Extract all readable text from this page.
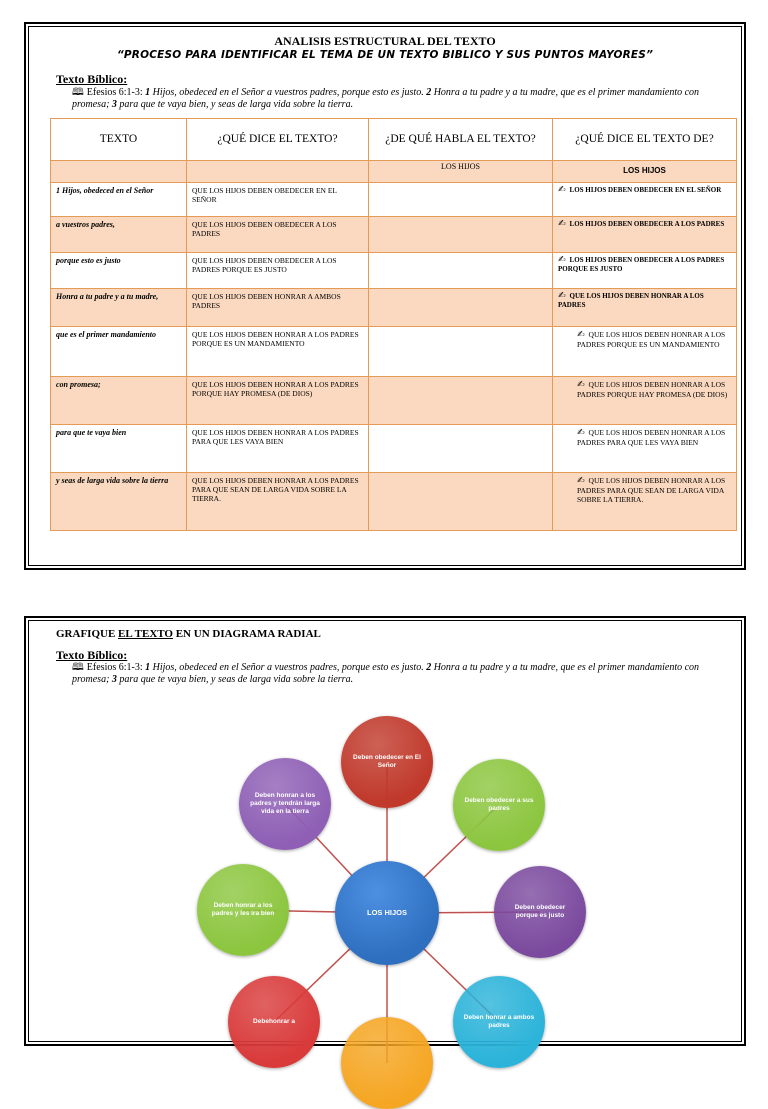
ANALISIS ESTRUCTURAL DEL TEXTO
“PROCESO PARA IDENTIFICAR EL TEMA DE UN TEXTO BIBLICO Y SUS PUNTOS MAYORES”
Texto Bíblico:
🕮 Efesios 6:1-3: 1 Hijos, obedeced en el Señor a vuestros padres, porque esto es justo. 2 Honra a tu padre y a tu madre, que es el primer mandamiento con promesa; 3 para que te vaya bien, y seas de larga vida sobre la tierra.
TEXTO	¿QUÉ DICE EL TEXTO?	¿DE QUÉ HABLA EL TEXTO?	¿QUÉ DICE EL TEXTO DE?
		LOS HIJOS	LOS HIJOS
1 Hijos, obedeced en el Señor	QUE LOS HIJOS DEBEN OBEDECER EN EL SEÑOR		✍ LOS HIJOS DEBEN OBEDECER EN EL SEÑOR
a vuestros padres,	QUE LOS HIJOS DEBEN OBEDECER A LOS PADRES		✍ LOS HIJOS DEBEN OBEDECER A LOS PADRES
porque esto es justo	QUE LOS HIJOS DEBEN OBEDECER A LOS PADRES PORQUE ES JUSTO		✍ LOS HIJOS DEBEN OBEDECER A LOS PADRES PORQUE ES JUSTO
Honra a tu padre y a tu madre,	QUE LOS HIJOS DEBEN HONRAR A AMBOS PADRES		✍ QUE LOS HIJOS DEBEN HONRAR A LOS PADRES
que es el primer mandamiento	QUE LOS HIJOS DEBEN HONRAR A LOS PADRES PORQUE ES UN MANDAMIENTO		✍ QUE LOS HIJOS DEBEN HONRAR A LOS PADRES PORQUE ES UN MANDAMIENTO
con promesa;	QUE LOS HIJOS DEBEN HONRAR A LOS PADRES PORQUE HAY PROMESA (DE DIOS)		✍ QUE LOS HIJOS DEBEN HONRAR A LOS PADRES PORQUE HAY PROMESA (DE DIOS)
para que te vaya bien	QUE LOS HIJOS DEBEN HONRAR A LOS PADRES PARA QUE LES VAYA BIEN		✍ QUE LOS HIJOS DEBEN HONRAR A LOS PADRES PARA QUE LES VAYA BIEN
y seas de larga vida sobre la tierra	QUE LOS HIJOS DEBEN HONRAR A LOS PADRES PARA QUE SEAN DE LARGA VIDA SOBRE LA TIERRA.		✍ QUE LOS HIJOS DEBEN HONRAR A LOS PADRES PARA QUE SEAN DE LARGA VIDA SOBRE LA TIERRA.
GRAFIQUE EL TEXTO EN UN DIAGRAMA RADIAL
Texto Bíblico:
🕮 Efesios 6:1-3: 1 Hijos, obedeced en el Señor a vuestros padres, porque esto es justo. 2 Honra a tu padre y a tu madre, que es el primer mandamiento con promesa; 3 para que te vaya bien, y seas de larga vida sobre la tierra.
Deben obedecer en El Señor
Deben obedecer a sus padres
Deben obedecer porque es justo
Deben honrar a ambos padres
Debehonrar a
Deben honrar a los padres y les ira bien
Deben honran a los padres y tendrán larga vida en la tierra
LOS HIJOS
